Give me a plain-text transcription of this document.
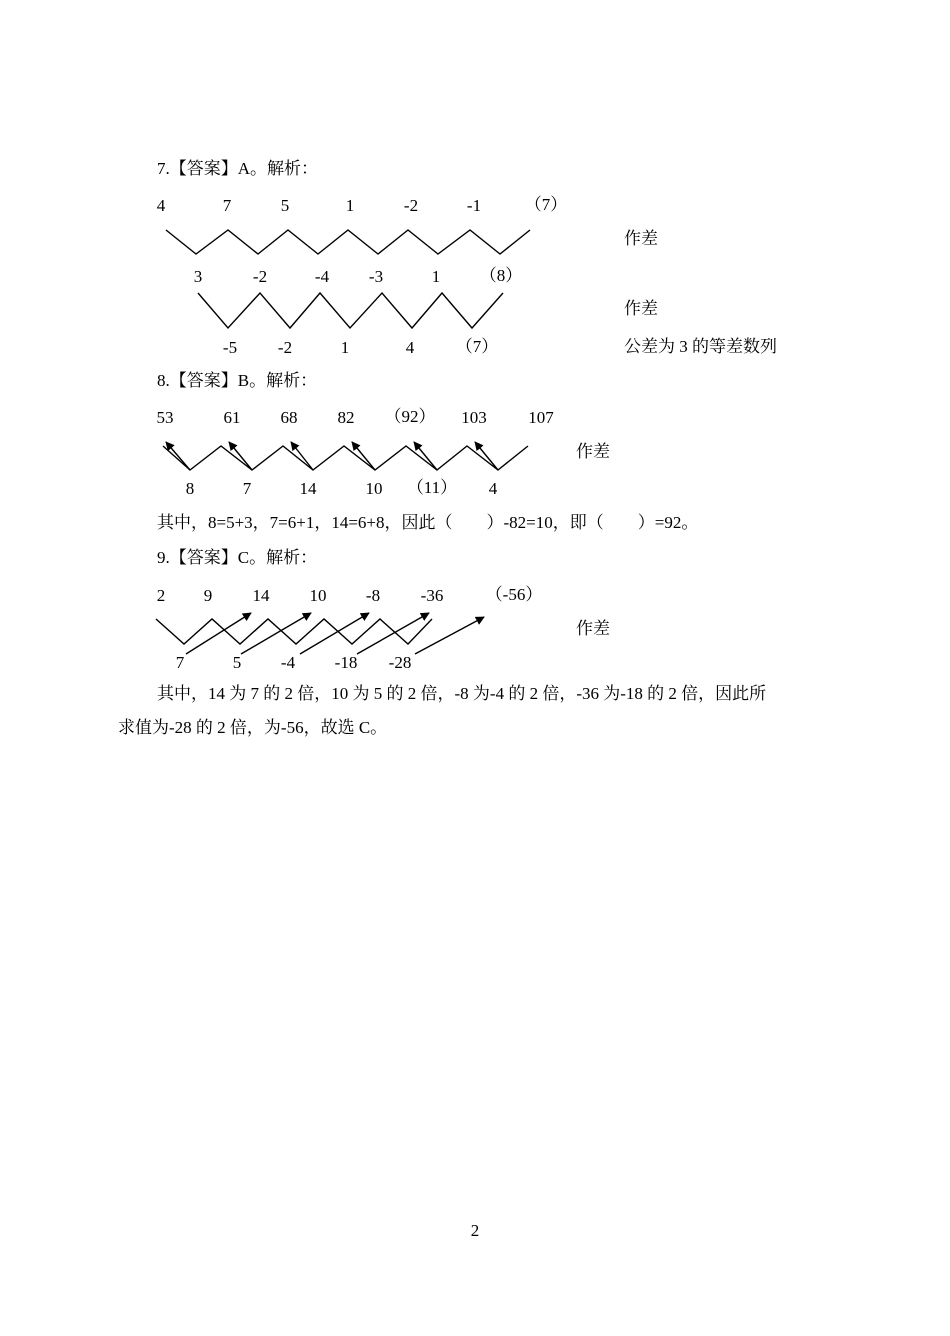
7.【答案】A。解析：
4	7	5	1	-2	-1	（7）
作差
3	-2	-4 -3	1 （8）
作差
-5 -2	1	4 （7）	公差为 3 的等差数列
8.【答案】B。解析：
53	61 68 82 （92） 103 107
作差
8	7	14	10 （11） 4
其中，8=5+3，7=6+1，14=6+8，因此（　　）-82=10，即（　　）=92。
9.【答案】C。解析：
2 9 14 10 -8 -36 （-56）
作差
7	5 -4 -18 -28
其中，14 为 7 的 2 倍，10 为 5 的 2 倍，-8 为-4 的 2 倍，-36 为-18 的 2 倍，因此所
求值为-28 的 2 倍，为-56，故选 C。
2
